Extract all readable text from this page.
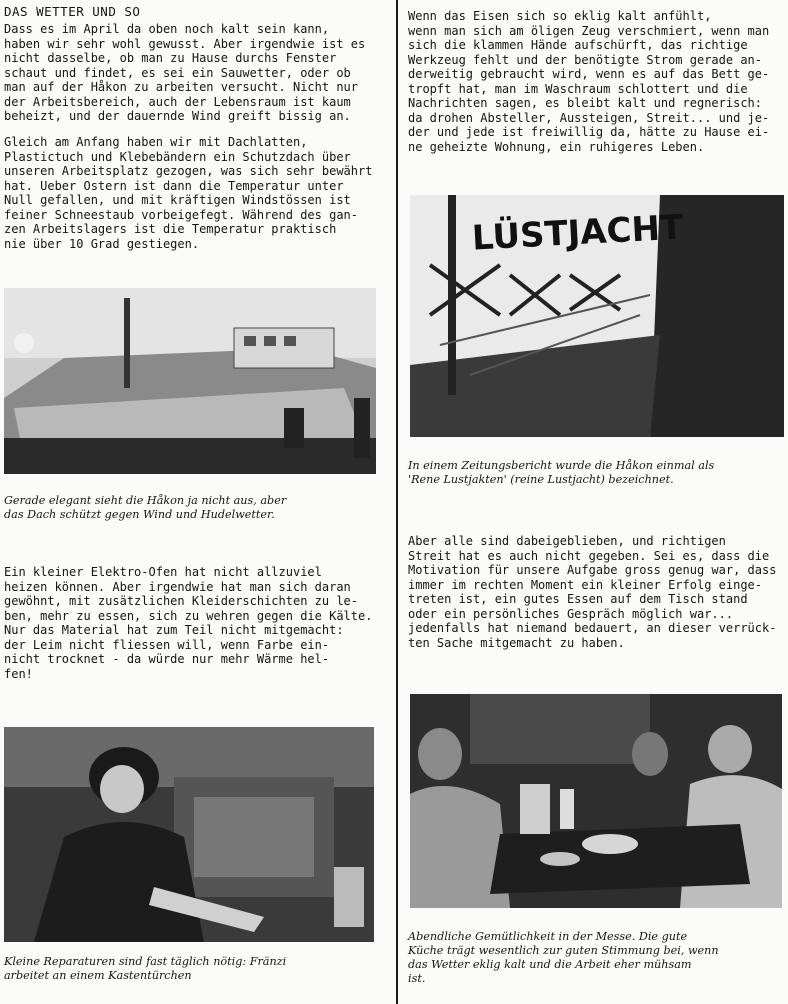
DAS WETTER UND SO

Dass es im April da oben noch kalt sein kann,
haben wir sehr wohl gewusst. Aber irgendwie ist es
nicht dasselbe, ob man zu Hause durchs Fenster
schaut und findet, es sei ein Sauwetter, oder ob
man auf der Håkon zu arbeiten versucht. Nicht nur
der Arbeitsbereich, auch der Lebensraum ist kaum
beheizt, und der dauernde Wind greift bissig an.

Gleich am Anfang haben wir mit Dachlatten,
Plastictuch und Klebebändern ein Schutzdach über
unseren Arbeitsplatz gezogen, was sich sehr bewährt
hat. Ueber Ostern ist dann die Temperatur unter
Null gefallen, und mit kräftigen Windstössen ist
feiner Schneestaub vorbeigefegt. Während des gan-
zen Arbeitslagers ist die Temperatur praktisch
nie über 10 Grad gestiegen.

Gerade elegant sieht die Håkon ja nicht aus, aber
das Dach schützt gegen Wind und Hudelwetter.

Ein kleiner Elektro-Ofen hat nicht allzuviel
heizen können. Aber irgendwie hat man sich daran
gewöhnt, mit zusätzlichen Kleiderschichten zu le-
ben, mehr zu essen, sich zu wehren gegen die Kälte.
Nur das Material hat zum Teil nicht mitgemacht:
der Leim nicht fliessen will, wenn Farbe ein-
nicht trocknet - da würde nur mehr Wärme hel-
fen!

Kleine Reparaturen sind fast täglich nötig: Fränzi
arbeitet an einem Kastentürchen

Wenn das Eisen sich so eklig kalt anfühlt,
wenn man sich am öligen Zeug verschmiert, wenn man
sich die klammen Hände aufschürft, das richtige
Werkzeug fehlt und der benötigte Strom gerade an-
derweitig gebraucht wird, wenn es auf das Bett ge-
tropft hat, man im Waschraum schlottert und die
Nachrichten sagen, es bleibt kalt und regnerisch:
da drohen Absteller, Aussteigen, Streit... und je-
der und jede ist freiwillig da, hätte zu Hause ei-
ne geheizte Wohnung, ein ruhigeres Leben.

LÜSTJACHT

In einem Zeitungsbericht wurde die Håkon einmal als
'Rene Lustjakten' (reine Lustjacht) bezeichnet.

Aber alle sind dabeigeblieben, und richtigen
Streit hat es auch nicht gegeben. Sei es, dass die
Motivation für unsere Aufgabe gross genug war, dass
immer im rechten Moment ein kleiner Erfolg einge-
treten ist, ein gutes Essen auf dem Tisch stand
oder ein persönliches Gespräch möglich war...
jedenfalls hat niemand bedauert, an dieser verrück-
ten Sache mitgemacht zu haben.

Abendliche Gemütlichkeit in der Messe. Die gute
Küche trägt wesentlich zur guten Stimmung bei, wenn
das Wetter eklig kalt und die Arbeit eher mühsam
ist.
